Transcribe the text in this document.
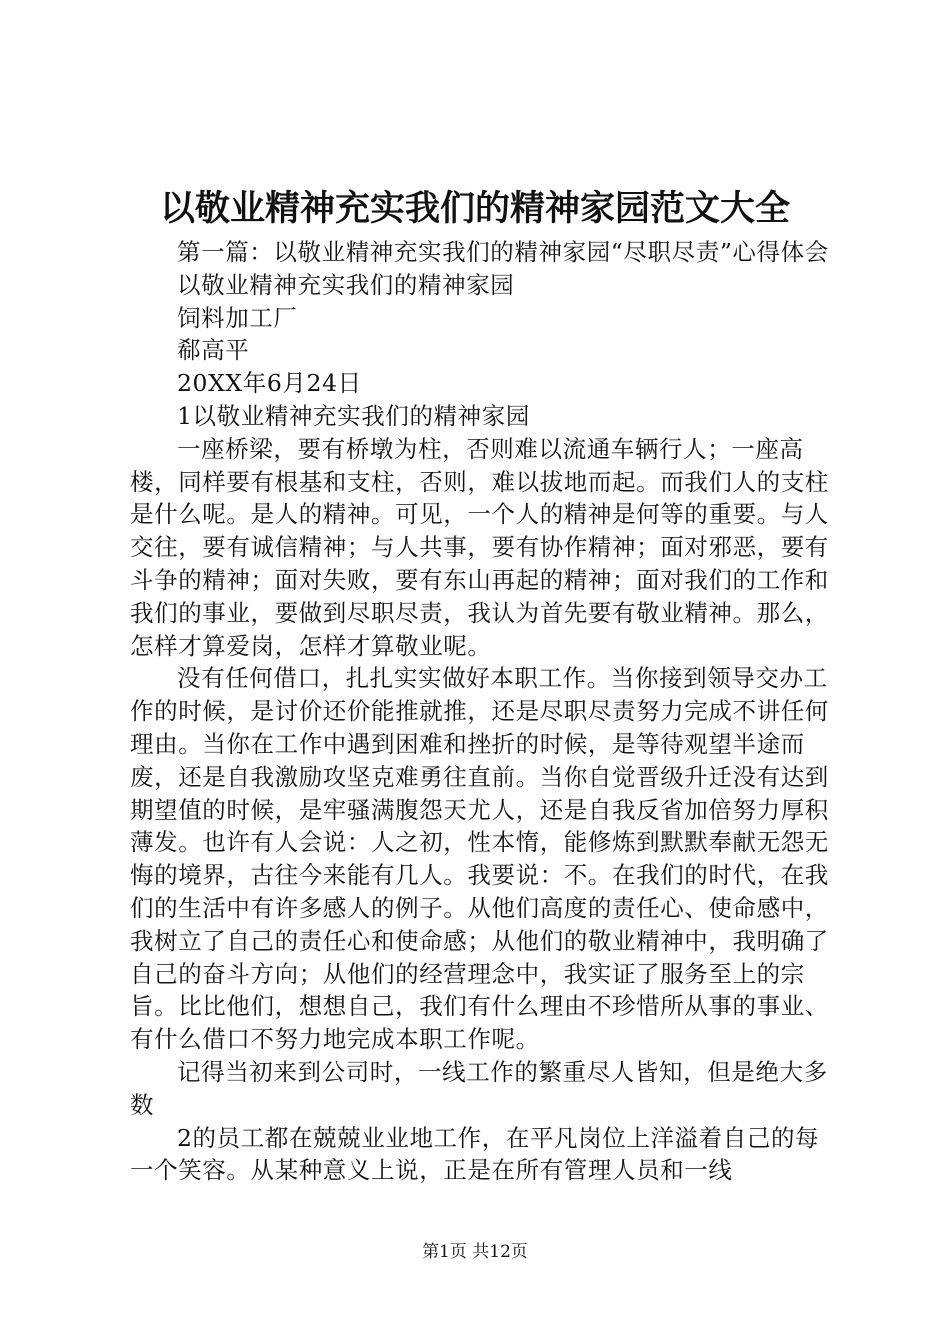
以敬业精神充实我们的精神家园范文大全

第一篇：以敬业精神充实我们的精神家园“尽职尽责”心得体会

以敬业精神充实我们的精神家园

饲料加工厂

郗高平

20XX年6月24日

1以敬业精神充实我们的精神家园

一座桥梁，要有桥墩为柱，否则难以流通车辆行人；一座高楼，同样要有根基和支柱，否则，难以拔地而起。而我们人的支柱是什么呢。是人的精神。可见，一个人的精神是何等的重要。与人交往，要有诚信精神；与人共事，要有协作精神；面对邪恶，要有斗争的精神；面对失败，要有东山再起的精神；面对我们的工作和我们的事业，要做到尽职尽责，我认为首先要有敬业精神。那么，怎样才算爱岗，怎样才算敬业呢。

没有任何借口，扎扎实实做好本职工作。当你接到领导交办工作的时候，是讨价还价能推就推，还是尽职尽责努力完成不讲任何理由。当你在工作中遇到困难和挫折的时候，是等待观望半途而废，还是自我激励攻坚克难勇往直前。当你自觉晋级升迁没有达到期望值的时候，是牢骚满腹怨天尤人，还是自我反省加倍努力厚积薄发。也许有人会说：人之初，性本惰，能修炼到默默奉献无怨无悔的境界，古往今来能有几人。我要说：不。在我们的时代，在我们的生活中有许多感人的例子。从他们高度的责任心、使命感中，我树立了自己的责任心和使命感；从他们的敬业精神中，我明确了自己的奋斗方向；从他们的经营理念中，我实证了服务至上的宗旨。比比他们，想想自己，我们有什么理由不珍惜所从事的事业、有什么借口不努力地完成本职工作呢。

记得当初来到公司时，一线工作的繁重尽人皆知，但是绝大多数

2的员工都在兢兢业业地工作，在平凡岗位上洋溢着自己的每一个笑容。从某种意义上说，正是在所有管理人员和一线

第1页 共12页
